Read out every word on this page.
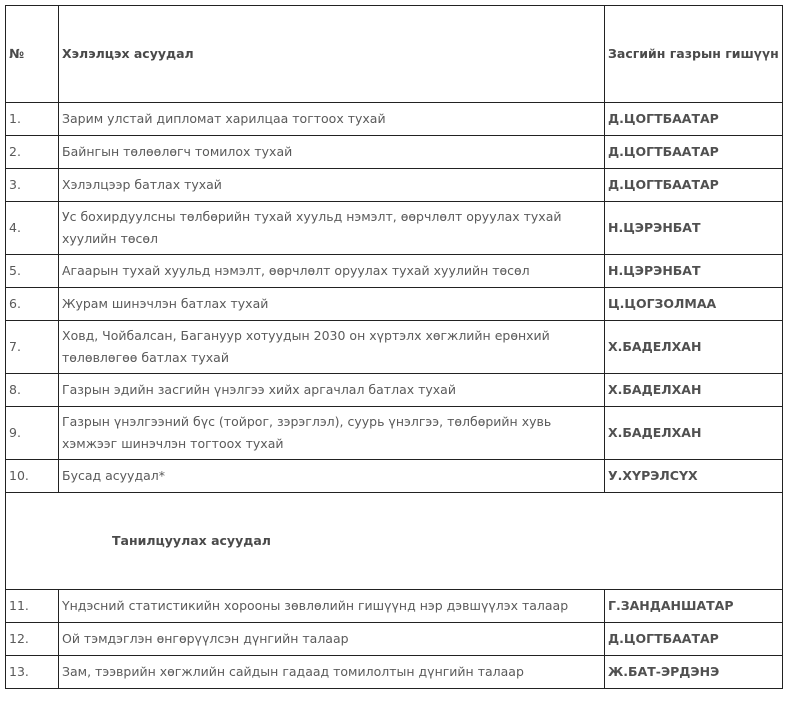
№	Хэлэлцэх асуудал	Засгийн газрын гишүүн
1.	Зарим улстай дипломат харилцаа тогтоох тухай	Д.ЦОГТБААТАР
2.	Байнгын төлөөлөгч томилох тухай	Д.ЦОГТБААТАР
3.	Хэлэлцээр батлах тухай	Д.ЦОГТБААТАР
4.	Ус бохирдуулсны төлбөрийн тухай хуульд нэмэлт, өөрчлөлт оруулах тухай хуулийн төсөл	Н.ЦЭРЭНБАТ
5.	Агаарын тухай хуульд нэмэлт, өөрчлөлт оруулах тухай хуулийн төсөл	Н.ЦЭРЭНБАТ
6.	Журам шинэчлэн батлах тухай	Ц.ЦОГЗОЛМАА
7.	Ховд, Чойбалсан, Багануур хотуудын 2030 он хүртэлх хөгжлийн ерөнхий төлөвлөгөө батлах тухай	Х.БАДЕЛХАН
8.	Газрын эдийн засгийн үнэлгээ хийх аргачлал батлах тухай	Х.БАДЕЛХАН
9.	Газрын үнэлгээний бүс (тойрог, зэрэглэл), суурь үнэлгээ, төлбөрийн хувь хэмжээг шинэчлэн тогтоох тухай	Х.БАДЕЛХАН
10.	Бусад асуудал*	У.ХҮРЭЛСҮХ
Танилцуулах асуудал		
11.	Үндэсний статистикийн хорооны зөвлөлийн гишүүнд нэр дэвшүүлэх талаар	Г.ЗАНДАНШАТАР
12.	Ой тэмдэглэн өнгөрүүлсэн дүнгийн талаар	Д.ЦОГТБААТАР
13.	Зам, тээврийн хөгжлийн сайдын гадаад томилолтын дүнгийн талаар	Ж.БАТ-ЭРДЭНЭ
